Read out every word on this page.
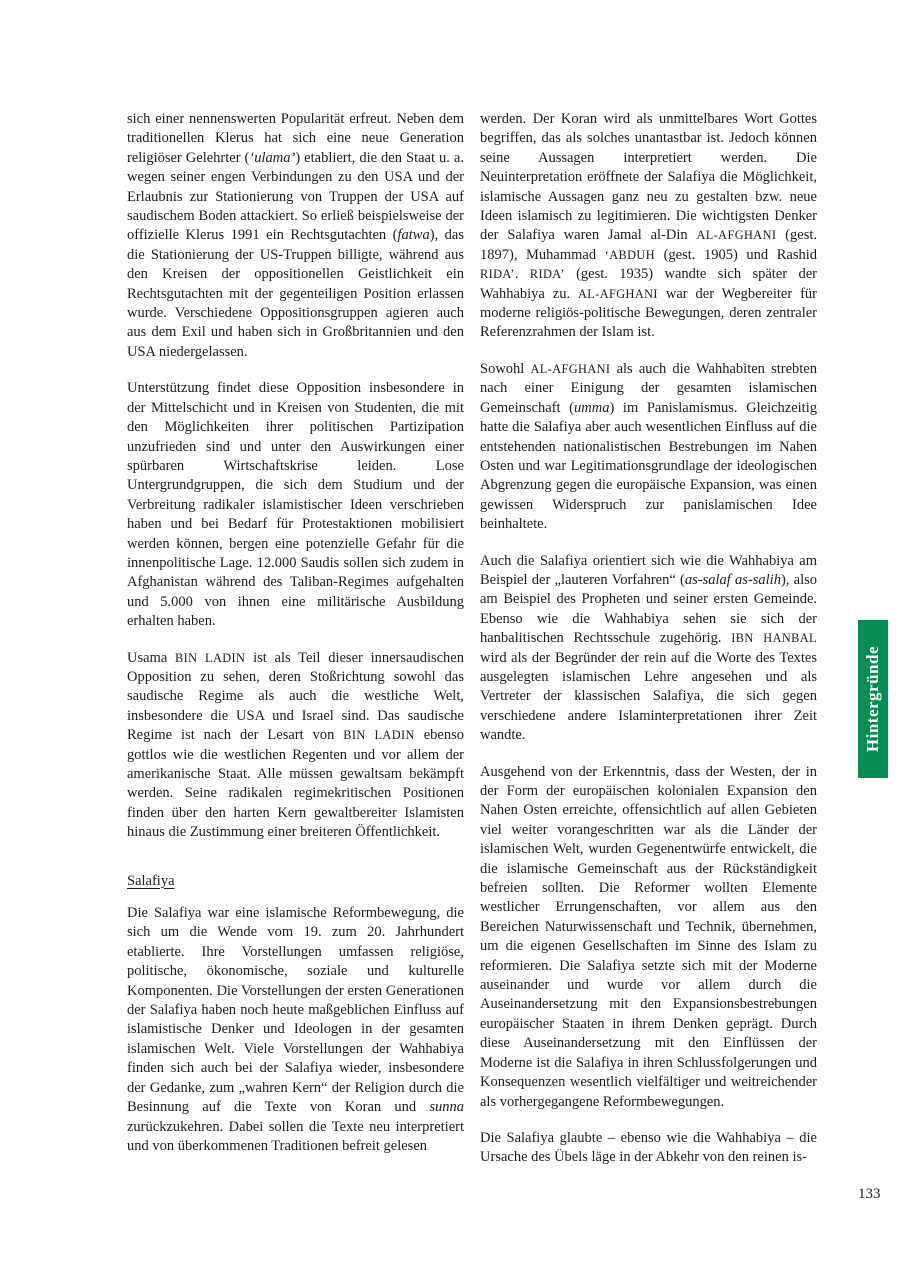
sich einer nennenswerten Popularität erfreut. Neben dem traditionellen Klerus hat sich eine neue Generation religiöser Gelehrter (‘ulama’) etabliert, die den Staat u. a. wegen seiner engen Verbindungen zu den USA und der Erlaubnis zur Stationierung von Truppen der USA auf saudischem Boden attackiert. So erließ beispielsweise der offizielle Klerus 1991 ein Rechtsgutachten (fatwa), das die Stationierung der US-Truppen billigte, während aus den Kreisen der oppositionellen Geistlichkeit ein Rechtsgutachten mit der gegenteiligen Position erlassen wurde. Verschiedene Oppositionsgruppen agieren auch aus dem Exil und haben sich in Großbritannien und den USA niedergelassen.

Unterstützung findet diese Opposition insbesondere in der Mittelschicht und in Kreisen von Studenten, die mit den Möglichkeiten ihrer politischen Partizipation unzufrieden sind und unter den Auswirkungen einer spürbaren Wirtschaftskrise leiden. Lose Untergrundgruppen, die sich dem Studium und der Verbreitung radikaler islamistischer Ideen verschrieben haben und bei Bedarf für Protestaktionen mobilisiert werden können, bergen eine potenzielle Gefahr für die innenpolitische Lage. 12.000 Saudis sollen sich zudem in Afghanistan während des Taliban-Regimes aufgehalten und 5.000 von ihnen eine militärische Ausbildung erhalten haben.

Usama BIN LADIN ist als Teil dieser innersaudischen Opposition zu sehen, deren Stoßrichtung sowohl das saudische Regime als auch die westliche Welt, insbesondere die USA und Israel sind. Das saudische Regime ist nach der Lesart von BIN LADIN ebenso gottlos wie die westlichen Regenten und vor allem der amerikanische Staat. Alle müssen gewaltsam bekämpft werden. Seine radikalen regimekritischen Positionen finden über den harten Kern gewaltbereiter Islamisten hinaus die Zustimmung einer breiteren Öffentlichkeit.

Salafiya

Die Salafiya war eine islamische Reformbewegung, die sich um die Wende vom 19. zum 20. Jahrhundert etablierte. Ihre Vorstellungen umfassen religiöse, politische, ökonomische, soziale und kulturelle Komponenten. Die Vorstellungen der ersten Generationen der Salafiya haben noch heute maßgeblichen Einfluss auf islamistische Denker und Ideologen in der gesamten islamischen Welt. Viele Vorstellungen der Wahhabiya finden sich auch bei der Salafiya wieder, insbesondere der Gedanke, zum „wahren Kern“ der Religion durch die Besinnung auf die Texte von Koran und sunna zurückzukehren. Dabei sollen die Texte neu interpretiert und von überkommenen Traditionen befreit gelesen

werden. Der Koran wird als unmittelbares Wort Gottes begriffen, das als solches unantastbar ist. Jedoch können seine Aussagen interpretiert werden. Die Neuinterpretation eröffnete der Salafiya die Möglichkeit, islamische Aussagen ganz neu zu gestalten bzw. neue Ideen islamisch zu legitimieren. Die wichtigsten Denker der Salafiya waren Jamal al-Din AL-AFGHANI (gest. 1897), Muhammad ‘ABDUH (gest. 1905) und Rashid RIDA’. RIDA’ (gest. 1935) wandte sich später der Wahhabiya zu. AL-AFGHANI war der Wegbereiter für moderne religiös-politische Bewegungen, deren zentraler Referenzrahmen der Islam ist.

Sowohl AL-AFGHANI als auch die Wahhabiten strebten nach einer Einigung der gesamten islamischen Gemeinschaft (umma) im Panislamismus. Gleichzeitig hatte die Salafiya aber auch wesentlichen Einfluss auf die entstehenden nationalistischen Bestrebungen im Nahen Osten und war Legitimationsgrundlage der ideologischen Abgrenzung gegen die europäische Expansion, was einen gewissen Widerspruch zur panislamischen Idee beinhaltete.

Auch die Salafiya orientiert sich wie die Wahhabiya am Beispiel der „lauteren Vorfahren“ (as-salaf as-salih), also am Beispiel des Propheten und seiner ersten Gemeinde. Ebenso wie die Wahhabiya sehen sie sich der hanbalitischen Rechtsschule zugehörig. IBN HANBAL wird als der Begründer der rein auf die Worte des Textes ausgelegten islamischen Lehre angesehen und als Vertreter der klassischen Salafiya, die sich gegen verschiedene andere Islaminterpretationen ihrer Zeit wandte.

Ausgehend von der Erkenntnis, dass der Westen, der in der Form der europäischen kolonialen Expansion den Nahen Osten erreichte, offensichtlich auf allen Gebieten viel weiter vorangeschritten war als die Länder der islamischen Welt, wurden Gegenentwürfe entwickelt, die die islamische Gemeinschaft aus der Rückständigkeit befreien sollten. Die Reformer wollten Elemente westlicher Errungenschaften, vor allem aus den Bereichen Naturwissenschaft und Technik, übernehmen, um die eigenen Gesellschaften im Sinne des Islam zu reformieren. Die Salafiya setzte sich mit der Moderne auseinander und wurde vor allem durch die Auseinandersetzung mit den Expansionsbestrebungen europäischer Staaten in ihrem Denken geprägt. Durch diese Auseinandersetzung mit den Einflüssen der Moderne ist die Salafiya in ihren Schlussfolgerungen und Konsequenzen wesentlich vielfältiger und weitreichender als vorhergegangene Reformbewegungen.

Die Salafiya glaubte – ebenso wie die Wahhabiya – die Ursache des Übels läge in der Abkehr von den reinen is-

Hintergründe
133
